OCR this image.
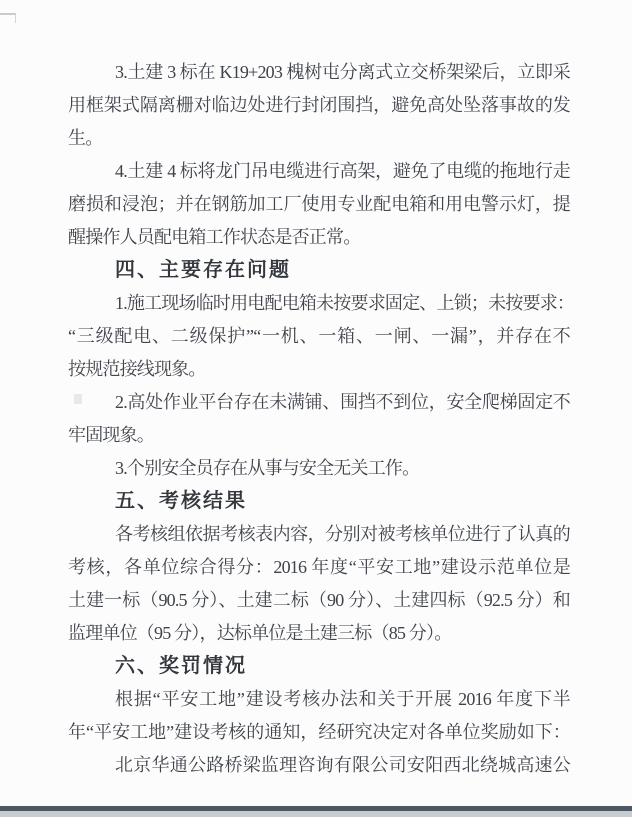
3.土建 3 标在 K19+203 槐树屯分离式立交桥架梁后，立即采
用框架式隔离栅对临边处进行封闭围挡，避免高处坠落事故的发
生。
4.土建 4 标将龙门吊电缆进行高架，避免了电缆的拖地行走
磨损和浸泡；并在钢筋加工厂使用专业配电箱和用电警示灯，提
醒操作人员配电箱工作状态是否正常。
四、主要存在问题
1.施工现场临时用电配电箱未按要求固定、上锁；未按要求：
“三级配电、二级保护”“一机、一箱、一闸、一漏”，并存在不
按规范接线现象。
2.高处作业平台存在未满铺、围挡不到位，安全爬梯固定不
牢固现象。
3.个别安全员存在从事与安全无关工作。
五、考核结果
各考核组依据考核表内容，分别对被考核单位进行了认真的
考核，各单位综合得分：2016 年度“平安工地”建设示范单位是
土建一标（90.5 分）、土建二标（90 分）、土建四标（92.5 分）和
监理单位（95 分），达标单位是土建三标（85 分）。
六、奖罚情况
根据“平安工地”建设考核办法和关于开展 2016 年度下半
年“平安工地”建设考核的通知，经研究决定对各单位奖励如下：
北京华通公路桥梁监理咨询有限公司安阳西北绕城高速公
